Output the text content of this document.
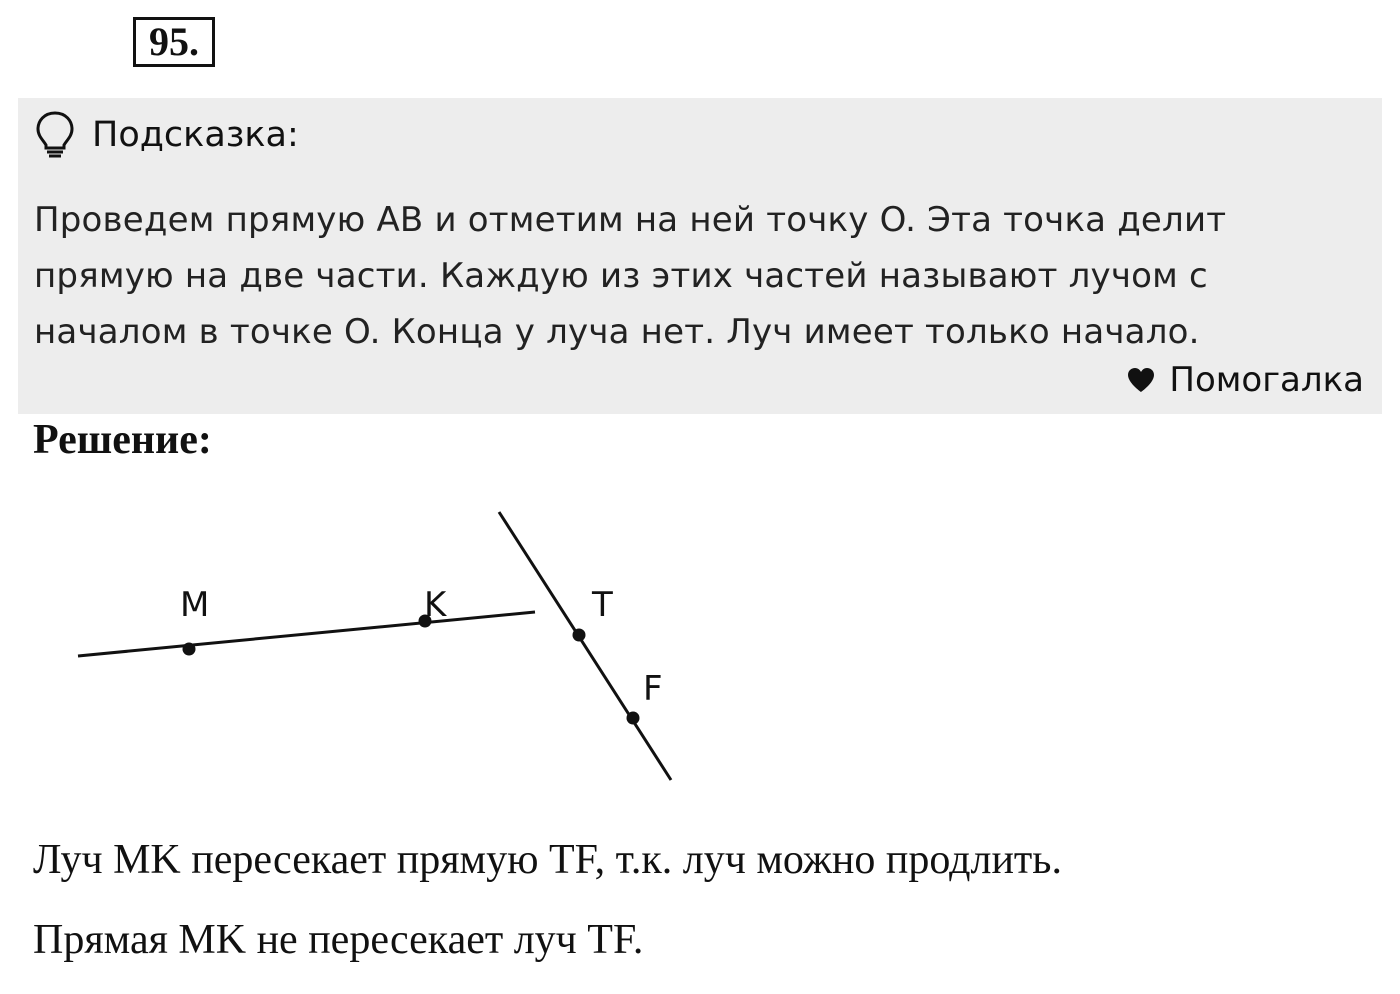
95.
Подсказка:

Проведем прямую AB и отметим на ней точку O. Эта точка делит прямую на две части. Каждую из этих частей называют лучом с началом в точке O. Конца у луча нет. Луч имеет только начало.

Помогалка
Решение:
M	K	T
F

Луч MK пересекает прямую TF, т.к. луч можно продлить.

Прямая MK не пересекает луч TF.
